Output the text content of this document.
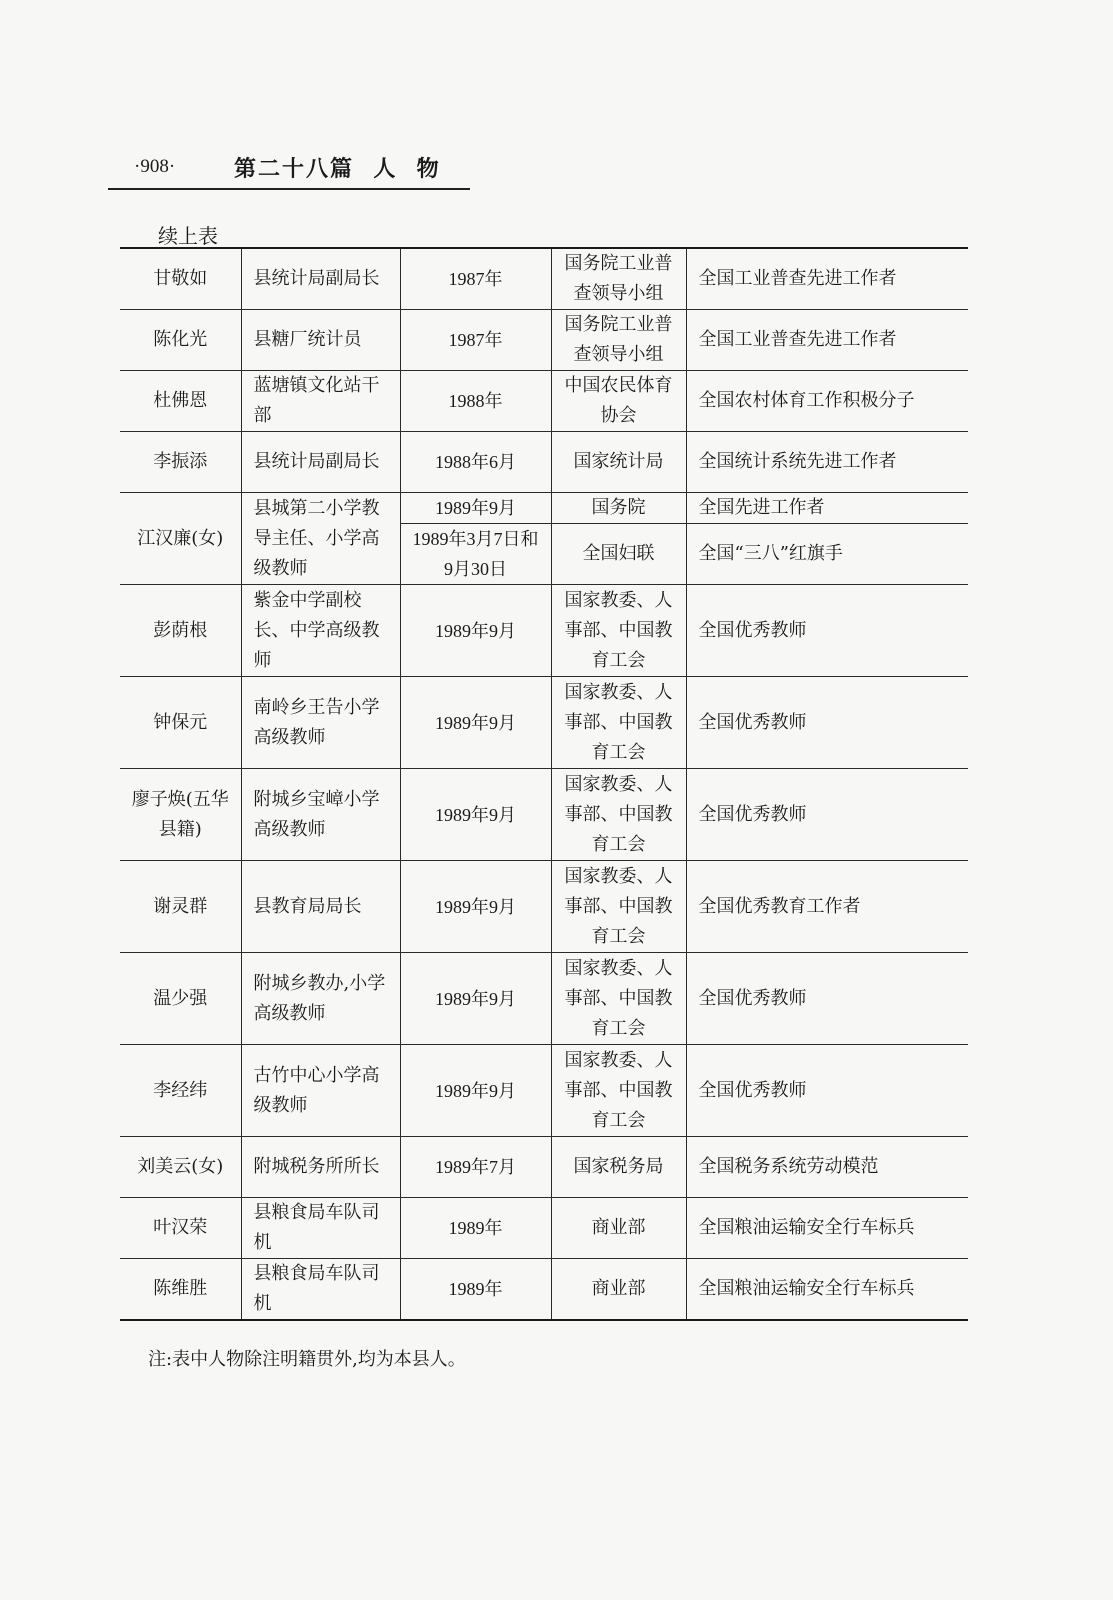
·908·	第二十八篇  人  物
续上表
甘敬如	县统计局副局长	1987年	国务院工业普查领导小组	全国工业普查先进工作者
陈化光	县糖厂统计员	1987年	国务院工业普查领导小组	全国工业普查先进工作者
杜佛恩	蓝塘镇文化站干部	1988年	中国农民体育协会	全国农村体育工作积极分子
李振添	县统计局副局长	1988年6月	国家统计局	全国统计系统先进工作者
江汉廉(女)	县城第二小学教导主任、小学高级教师	1989年9月	国务院	全国先进工作者
		1989年3月7日和9月30日	全国妇联	全国“三八”红旗手
彭荫根	紫金中学副校长、中学高级教师	1989年9月	国家教委、人事部、中国教育工会	全国优秀教师
钟保元	南岭乡王告小学高级教师	1989年9月	国家教委、人事部、中国教育工会	全国优秀教师
廖子焕(五华县籍)	附城乡宝嶂小学高级教师	1989年9月	国家教委、人事部、中国教育工会	全国优秀教师
谢灵群	县教育局局长	1989年9月	国家教委、人事部、中国教育工会	全国优秀教育工作者
温少强	附城乡教办,小学高级教师	1989年9月	国家教委、人事部、中国教育工会	全国优秀教师
李经纬	古竹中心小学高级教师	1989年9月	国家教委、人事部、中国教育工会	全国优秀教师
刘美云(女)	附城税务所所长	1989年7月	国家税务局	全国税务系统劳动模范
叶汉荣	县粮食局车队司机	1989年	商业部	全国粮油运输安全行车标兵
陈维胜	县粮食局车队司机	1989年	商业部	全国粮油运输安全行车标兵
注:表中人物除注明籍贯外,均为本县人。
